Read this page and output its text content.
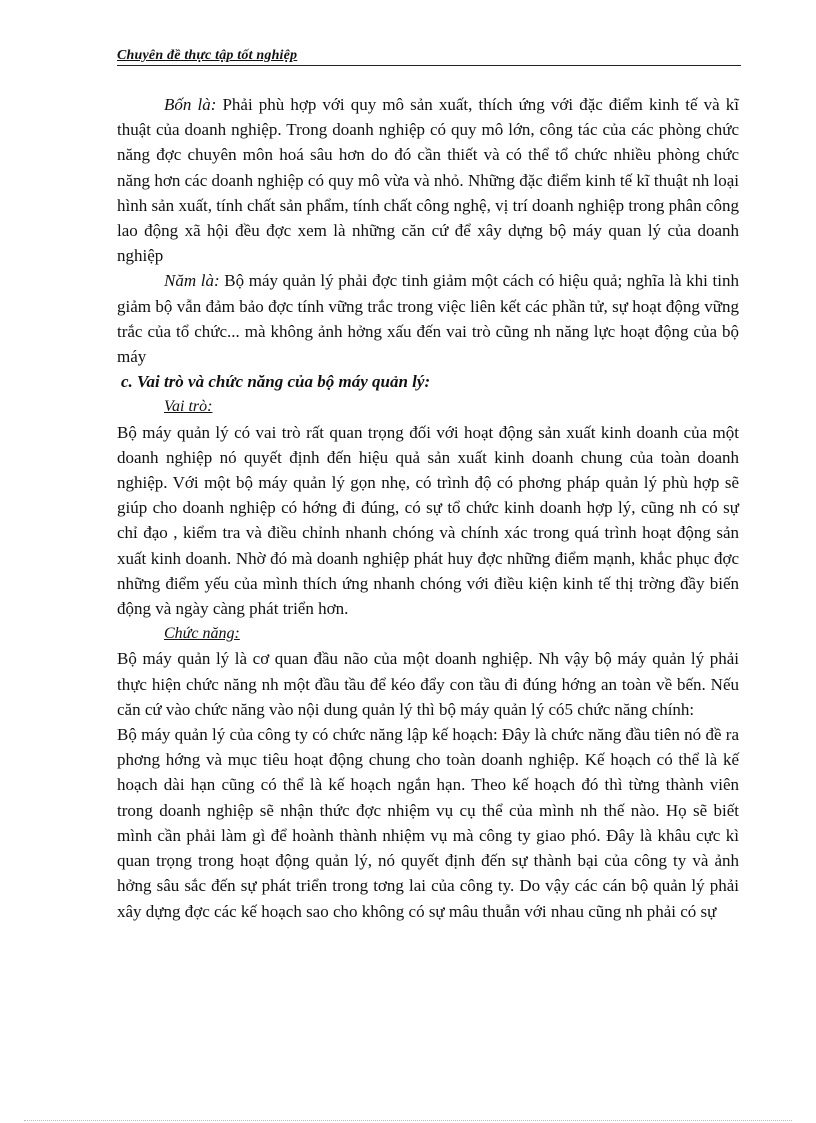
Chuyên đề thực tập tốt nghiệp

Bốn là: Phải phù hợp với quy mô sản xuất, thích ứng với đặc điểm kinh tế và kĩ thuật của doanh nghiệp. Trong doanh nghiệp có quy mô lớn, công tác của các phòng chức năng đợc chuyên môn hoá sâu hơn do đó cần thiết và có thể tổ chức nhiều phòng chức năng hơn các doanh nghiệp có quy mô vừa và nhỏ. Những đặc điểm kinh tế kĩ thuật nh loại hình sản xuất, tính chất sản phẩm, tính chất công nghệ, vị trí doanh nghiệp trong phân công lao động xã hội đều đợc xem là những căn cứ để xây dựng bộ máy quan lý của doanh nghiệp

Năm là: Bộ máy quản lý phải đợc tinh giảm một cách có hiệu quả; nghĩa là khi tinh giảm bộ vẫn đảm bảo đợc tính vững trắc trong việc liên kết các phần tử, sự hoạt động vững trắc của tổ chức... mà không ảnh hởng xấu đến vai trò cũng nh năng lực hoạt động của bộ máy

c. Vai trò và chức năng của bộ máy quản lý:

Vai trò:

Bộ máy quản lý có vai trò rất quan trọng đối với hoạt động sản xuất kinh doanh của một doanh nghiệp nó quyết định đến hiệu quả sản xuất kinh doanh chung của toàn doanh nghiệp. Với một bộ máy quản lý gọn nhẹ, có trình độ có phơng pháp quản lý phù hợp sẽ giúp cho doanh nghiệp có hớng đi đúng, có sự tổ chức kinh doanh hợp lý, cũng nh có sự chỉ đạo , kiểm tra và điều chỉnh nhanh chóng và chính xác trong quá trình hoạt động sản xuất kinh doanh. Nhờ đó mà doanh nghiệp phát huy đợc những điểm mạnh, khắc phục đợc những điểm yếu của mình thích ứng nhanh chóng với điều kiện kinh tế thị trờng đầy biến động và ngày càng phát triển hơn.

Chức năng:

Bộ máy quản lý là cơ quan đầu não của một doanh nghiệp. Nh vậy bộ máy quản lý phải thực hiện chức năng nh một đầu tầu để kéo đẩy con tầu đi đúng hớng an toàn về bến. Nếu căn cứ vào chức năng vào nội dung quản lý thì bộ máy quản lý có5 chức năng chính:

Bộ máy quản lý của công ty có chức năng lập kế hoạch: Đây là chức năng đầu tiên nó đề ra phơng hớng và mục tiêu hoạt động chung cho toàn doanh nghiệp. Kế hoạch có thể là kế hoạch dài hạn cũng có thể là kế hoạch ngắn hạn. Theo kế hoạch đó thì từng thành viên trong doanh nghiệp sẽ nhận thức đợc nhiệm vụ cụ thể của mình nh thế nào. Họ sẽ biết mình cần phải làm gì để hoành thành nhiệm vụ mà công ty giao phó. Đây là khâu cực kì quan trọng trong hoạt động quản lý, nó quyết định đến sự thành bại của công ty và ảnh hởng sâu sắc đến sự phát triển trong tơng lai của công ty. Do vậy các cán bộ quản lý phải xây dựng đợc các kế hoạch sao cho không có sự mâu thuẫn với nhau cũng nh phải có sự
